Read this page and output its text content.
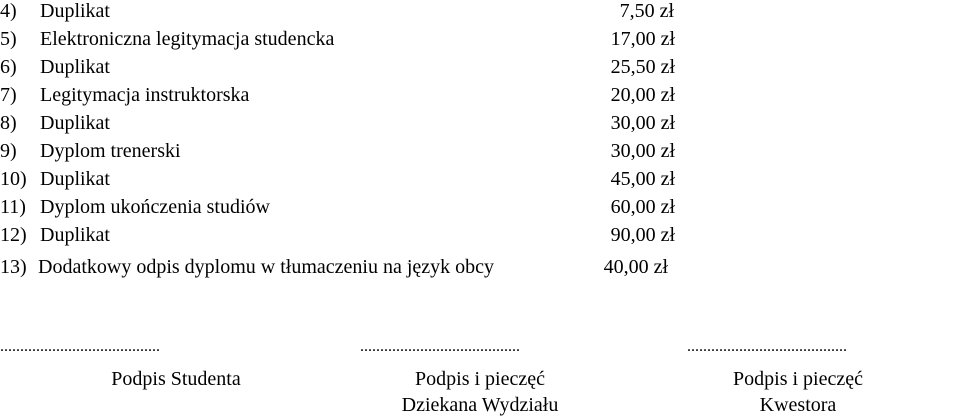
4) Duplikat	7,50 zł
5) Elektroniczna legitymacja studencka	17,00 zł
6) Duplikat	25,50 zł
7) Legitymacja instruktorska	20,00 zł
8) Duplikat	30,00 zł
9) Dyplom trenerski	30,00 zł
10) Duplikat	45,00 zł
11) Dyplom ukończenia studiów	60,00 zł
12) Duplikat	90,00 zł
13) Dodatkowy odpis dyplomu w tłumaczeniu na język obcy	40,00 zł
........................................	........................................	........................................
Podpis Studenta	Podpis i pieczęć
Dziekana Wydziału
Podpis i pieczęć
Kwestora
